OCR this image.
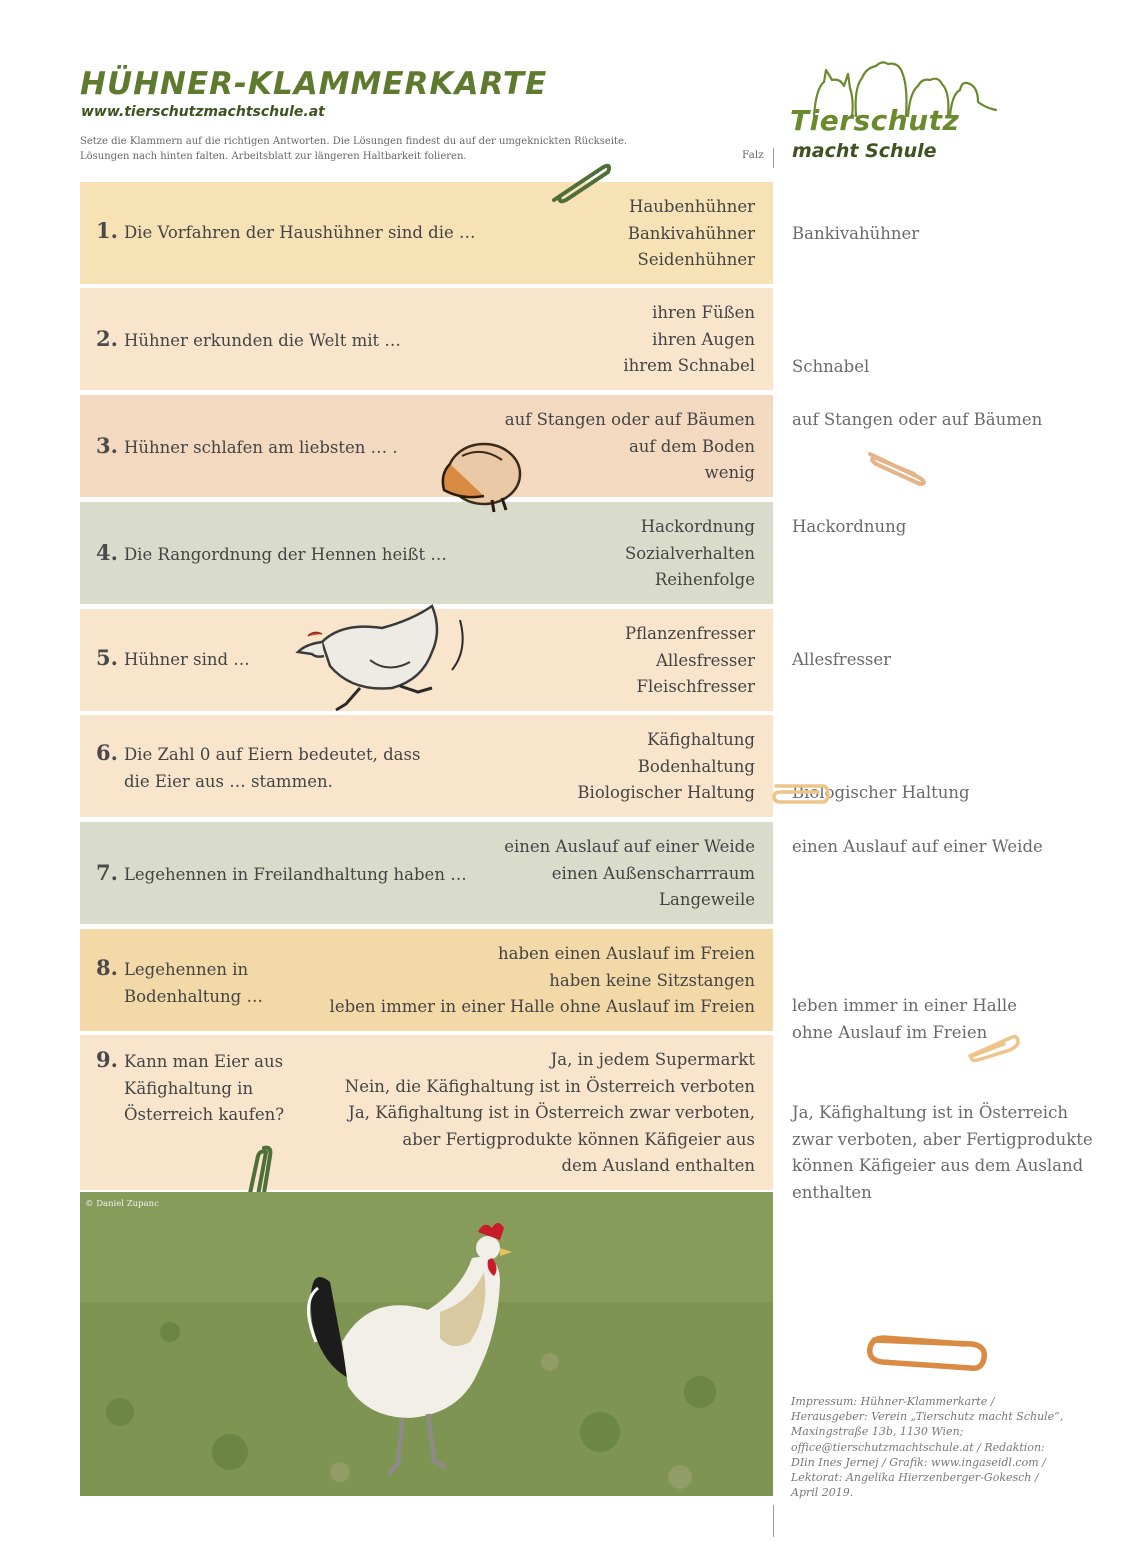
HÜHNER-KLAMMERKARTE
www.tierschutzmachtschule.at
Setze die Klammern auf die richtigen Antworten. Die Lösungen findest du auf der umgeknickten Rückseite.
Lösungen nach hinten falten. Arbeitsblatt zur längeren Haltbarkeit folieren.	Falz
Tierschutz
macht Schule
1. Die Vorfahren der Haushühner sind die …
Haubenhühner
Bankivahühner
Seidenhühner
2. Hühner erkunden die Welt mit …
ihren Füßen
ihren Augen
ihrem Schnabel
3. Hühner schlafen am liebsten … .
auf Stangen oder auf Bäumen
auf dem Boden
wenig
4. Die Rangordnung der Hennen heißt …
Hackordnung
Sozialverhalten
Reihenfolge
5. Hühner sind …
Pflanzenfresser
Allesfresser
Fleischfresser
6. Die Zahl 0 auf Eiern bedeutet, dass
die Eier aus … stammen.
Käfighaltung
Bodenhaltung
Biologischer Haltung
7. Legehennen in Freilandhaltung haben …
einen Auslauf auf einer Weide
einen Außenscharrraum
Langeweile
8. Legehennen in
Bodenhaltung …
haben einen Auslauf im Freien
haben keine Sitzstangen
leben immer in einer Halle ohne Auslauf im Freien
9. Kann man Eier aus
Käfighaltung in
Österreich kaufen?
Ja, in jedem Supermarkt
Nein, die Käfighaltung ist in Österreich verboten
Ja, Käfighaltung ist in Österreich zwar verboten,
aber Fertigprodukte können Käfigeier aus
dem Ausland enthalten
Bankivahühner
Schnabel
auf Stangen oder auf Bäumen
Hackordnung
Allesfresser
Biologischer Haltung
einen Auslauf auf einer Weide
leben immer in einer Halle
ohne Auslauf im Freien
Ja, Käfighaltung ist in Österreich
zwar verboten, aber Fertigprodukte
können Käfigeier aus dem Ausland
enthalten
© Daniel Zupanc
Impressum: Hühner-Klammerkarte /
Herausgeber: Verein „Tierschutz macht Schule“,
Maxingstraße 13b, 1130 Wien;
office@tierschutzmachtschule.at / Redaktion:
DIin Ines Jernej / Grafik: www.ingaseidl.com /
Lektorat: Angelika Hierzenberger-Gokesch /
April 2019.
